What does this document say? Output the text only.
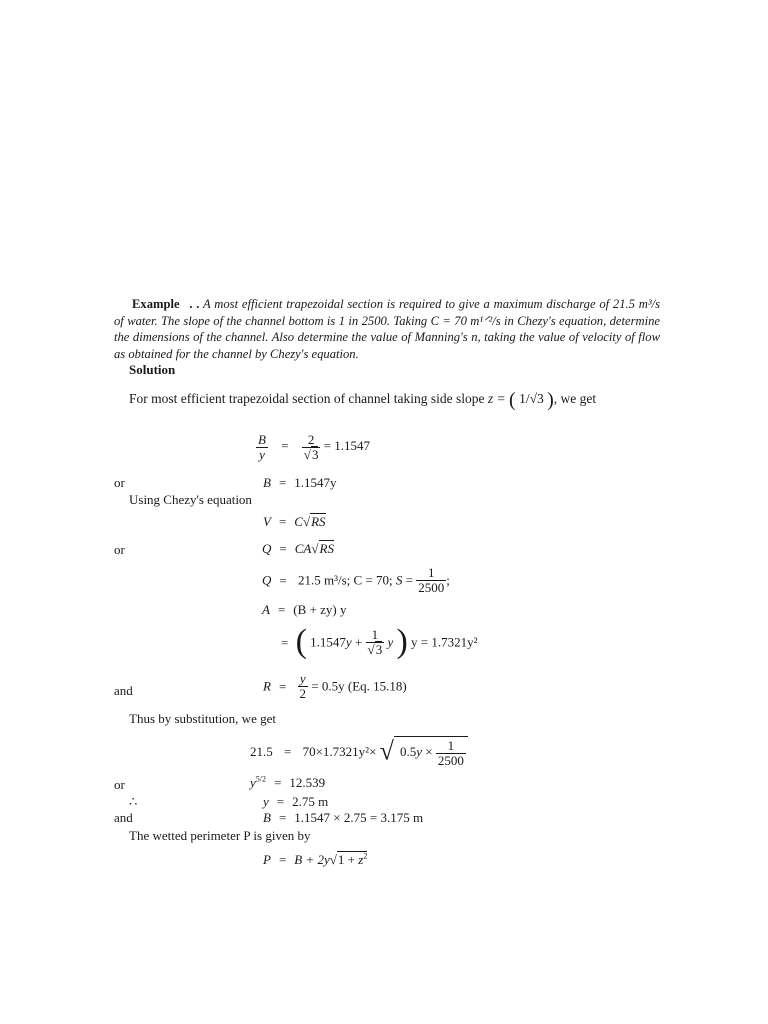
Example . . A most efficient trapezoidal section is required to give a maximum discharge of 21.5 m³/s of water. The slope of the channel bottom is 1 in 2500. Taking C = 70 m¹ᐟ²/s in Chezy's equation, determine the dimensions of the channel. Also determine the value of Manning's n, taking the value of velocity of flow as obtained for the channel by Chezy's equation.
Solution
For most efficient trapezoidal section of channel taking side slope z = ( 1/√3 ), we get
$\frac{B}{y} = \frac{2}{√3} = 1.1547$
or	B = 1.1547y
Using Chezy's equation
V = C√RS
or	Q = CA√RS
Q = 21.5 m³/s; C = 70; $S = \frac{1}{2500}$ ;
A = (B + zy) y
= ( $1.1547y + \frac{1}{√3}$ y ) y = 1.7321y²
and	$R = \frac{y}{2} = 0.5y$ (Eq. 15.18)
Thus by substitution, we get
21.5 = 70×1.7321y²× √ $0.5y \times \frac{1}{2500}$
or	$y^{5/2} = 12.539$
∴	y = 2.75 m
and	B = 1.1547 × 2.75 = 3.175 m
The wetted perimeter P is given by
$P = B + 2y√1 + z^2$
